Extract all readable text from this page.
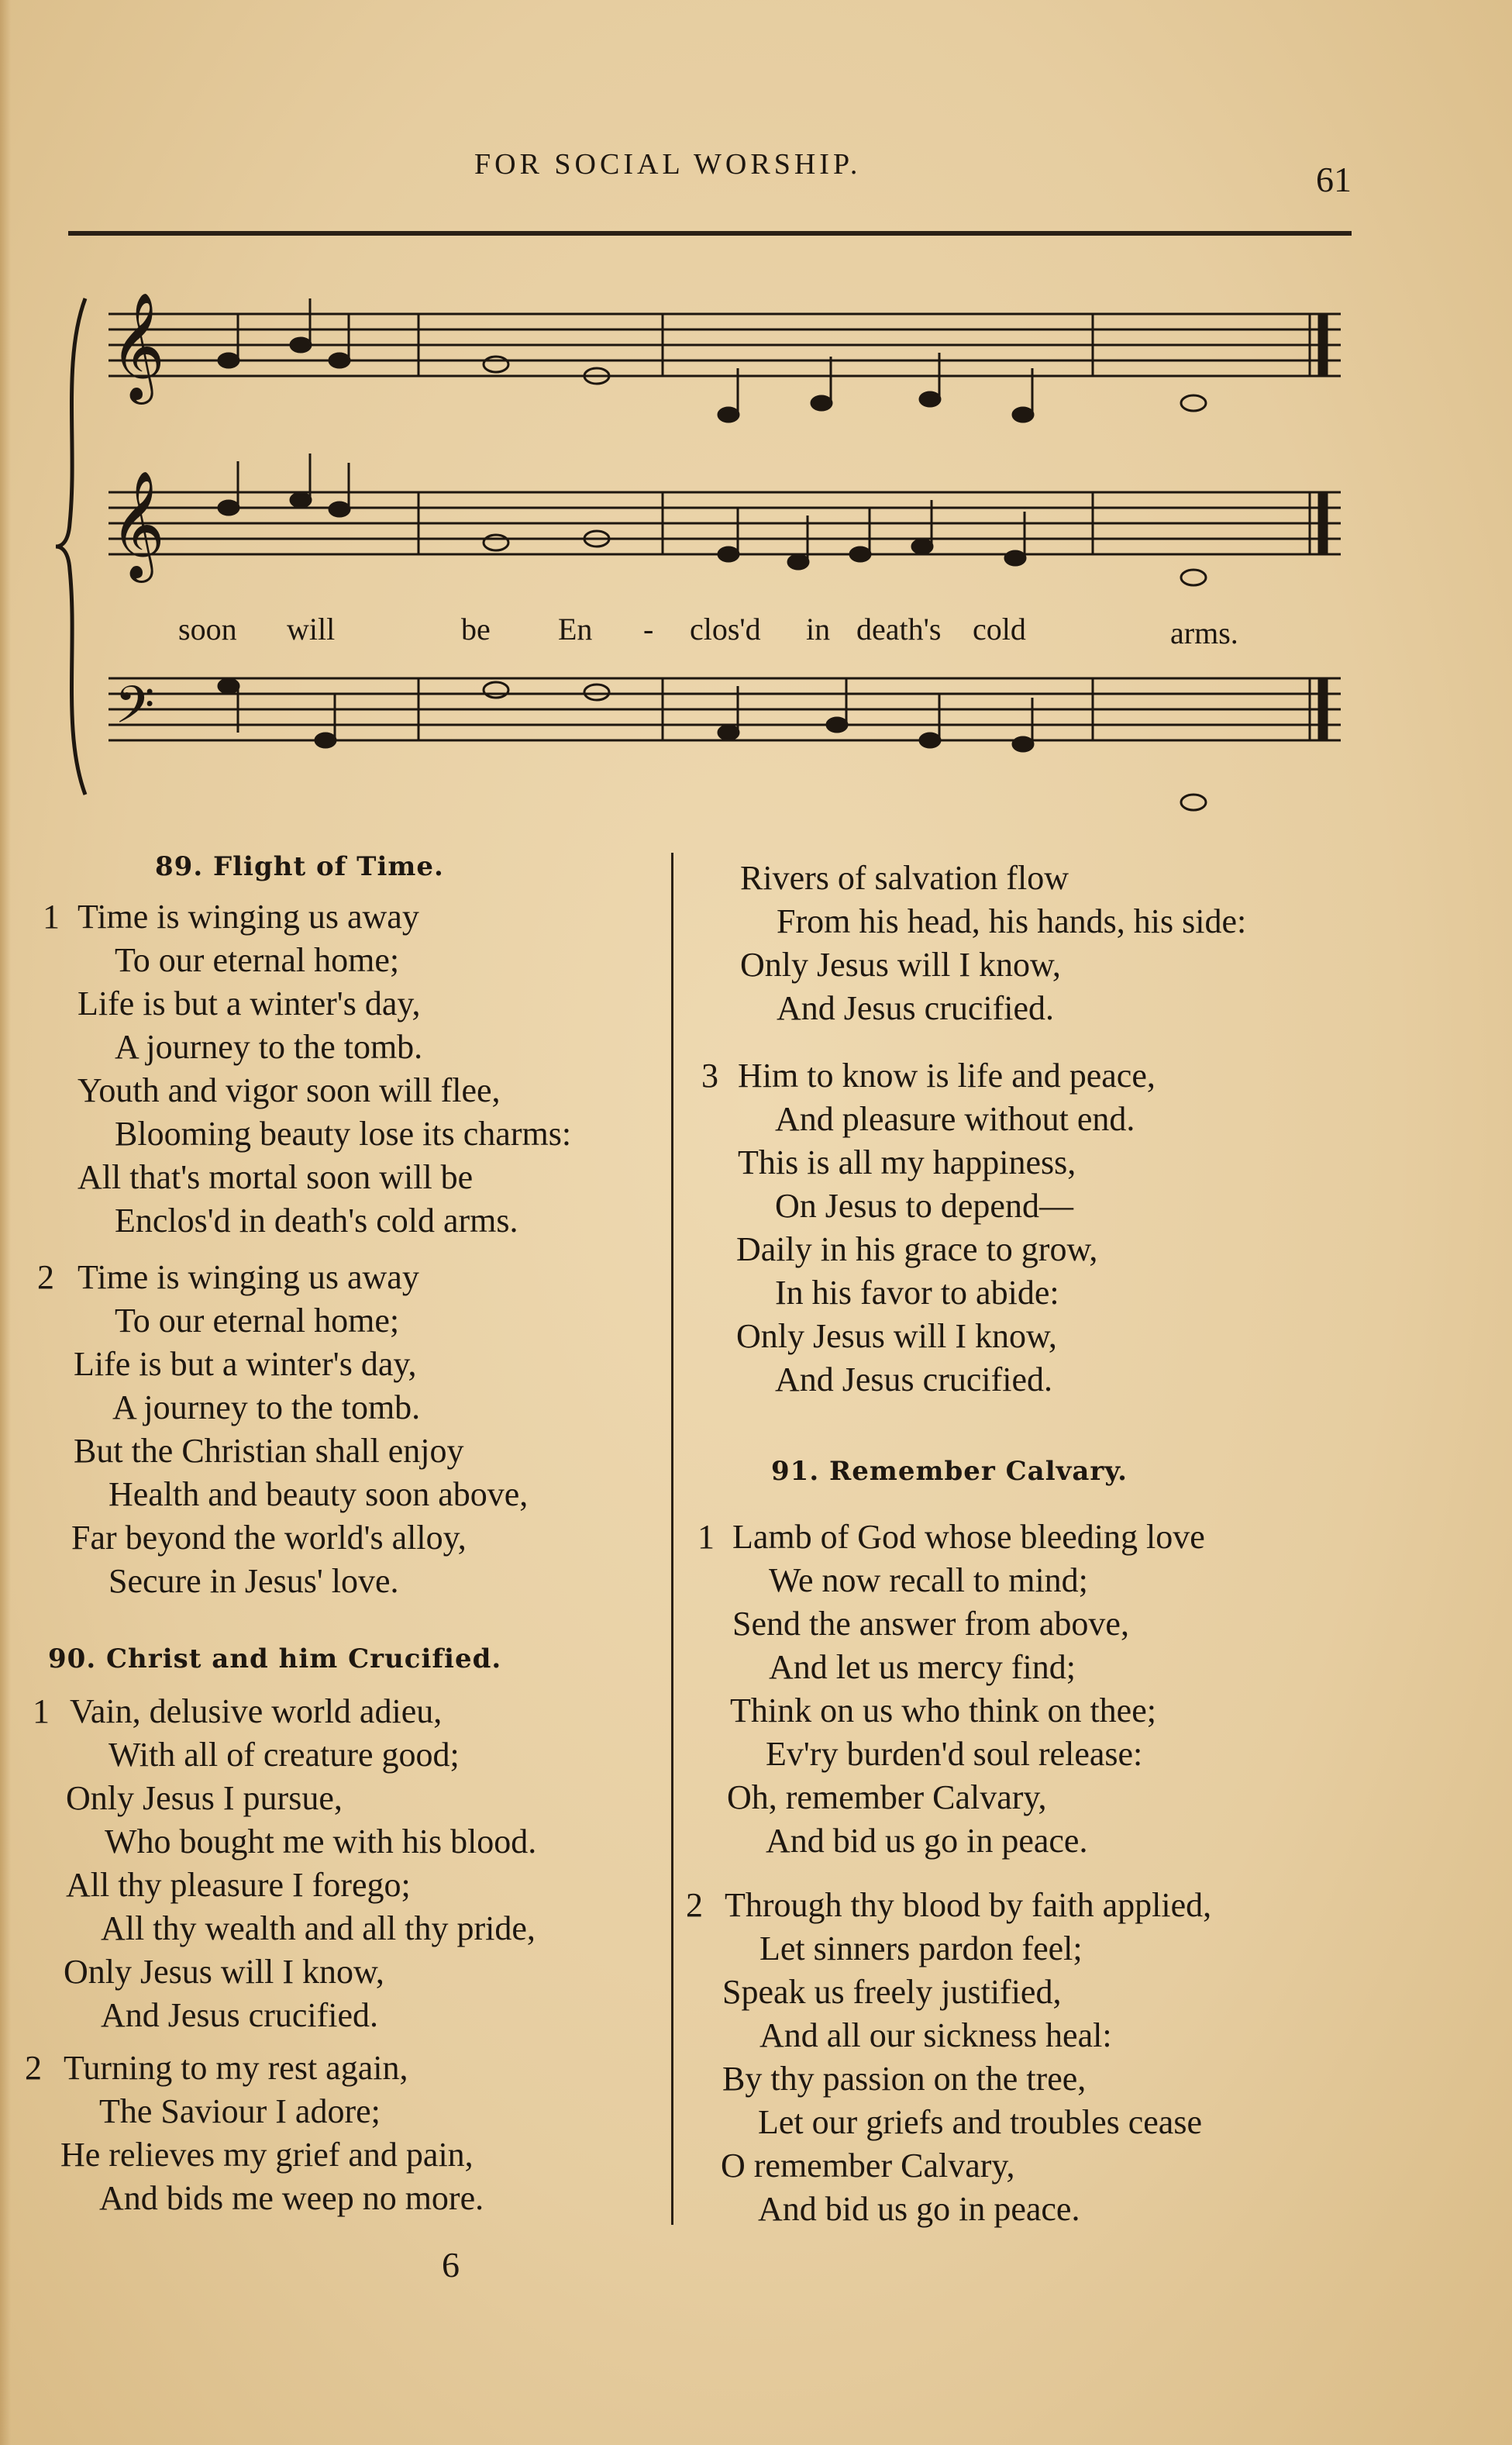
FOR SOCIAL WORSHIP.	61
𝄞
𝄞
𝄢
soon will	be En - clos'd in death's cold	arms.
89. Flight of Time.
1 Time is winging us away
To our eternal home;
Life is but a winter's day,
A journey to the tomb.
Youth and vigor soon will flee,
Blooming beauty lose its charms:
All that's mortal soon will be
Enclos'd in death's cold arms.
2 Time is winging us away
To our eternal home;
Life is but a winter's day,
A journey to the tomb.
But the Christian shall enjoy
Health and beauty soon above,
Far beyond the world's alloy,
Secure in Jesus' love.
90. Christ and him Crucified.
1 Vain, delusive world adieu,
With all of creature good;
Only Jesus I pursue,
Who bought me with his blood.
All thy pleasure I forego;
All thy wealth and all thy pride,
Only Jesus will I know,
And Jesus crucified.
2 Turning to my rest again,
The Saviour I adore;
He relieves my grief and pain,
And bids me weep no more.
Rivers of salvation flow
From his head, his hands, his side:
Only Jesus will I know,
And Jesus crucified.
3 Him to know is life and peace,
And pleasure without end.
This is all my happiness,
On Jesus to depend—
Daily in his grace to grow,
In his favor to abide:
Only Jesus will I know,
And Jesus crucified.
91. Remember Calvary.
1 Lamb of God whose bleeding love
We now recall to mind;
Send the answer from above,
And let us mercy find;
Think on us who think on thee;
Ev'ry burden'd soul release:
Oh, remember Calvary,
And bid us go in peace.
2 Through thy blood by faith applied,
Let sinners pardon feel;
Speak us freely justified,
And all our sickness heal:
By thy passion on the tree,
Let our griefs and troubles cease
O remember Calvary,
And bid us go in peace.
6
